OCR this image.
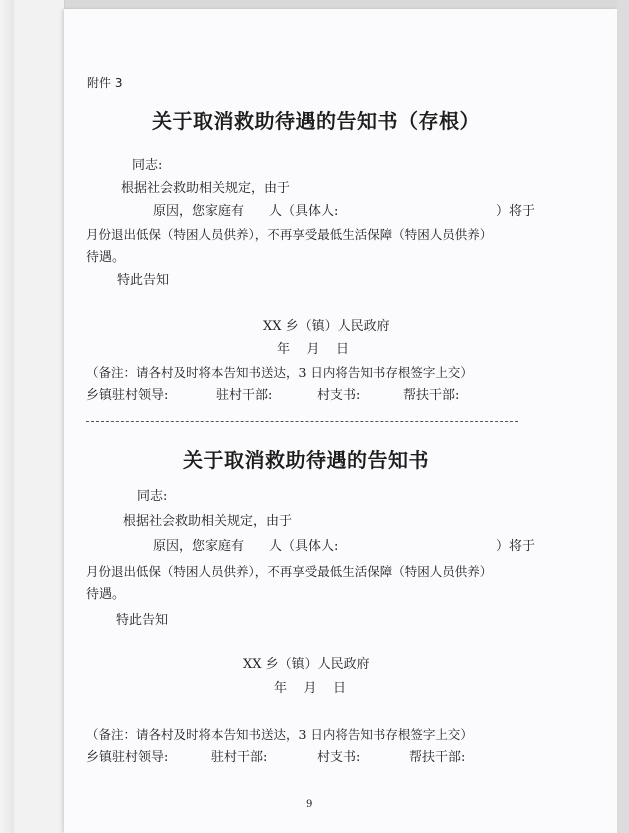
附件 3
关于取消救助待遇的告知书（存根）
同志:
根据社会救助相关规定，由于
原因，您家庭有 人（具体人:	）将于
月份退出低保（特困人员供养），不再享受最低生活保障（特困人员供养）
待遇。
特此告知
XX 乡（镇）人民政府
年    月    日
（备注：请各村及时将本告知书送达，3 日内将告知书存根签字上交）
乡镇驻村领导:	驻村干部:	村支书:	帮扶干部:
关于取消救助待遇的告知书
同志:
根据社会救助相关规定，由于
原因，您家庭有 人（具体人:	）将于
月份退出低保（特困人员供养），不再享受最低生活保障（特困人员供养）
待遇。
特此告知
XX 乡（镇）人民政府
年    月    日
（备注：请各村及时将本告知书送达，3 日内将告知书存根签字上交）
乡镇驻村领导:	驻村干部:	村支书:	帮扶干部:
9
